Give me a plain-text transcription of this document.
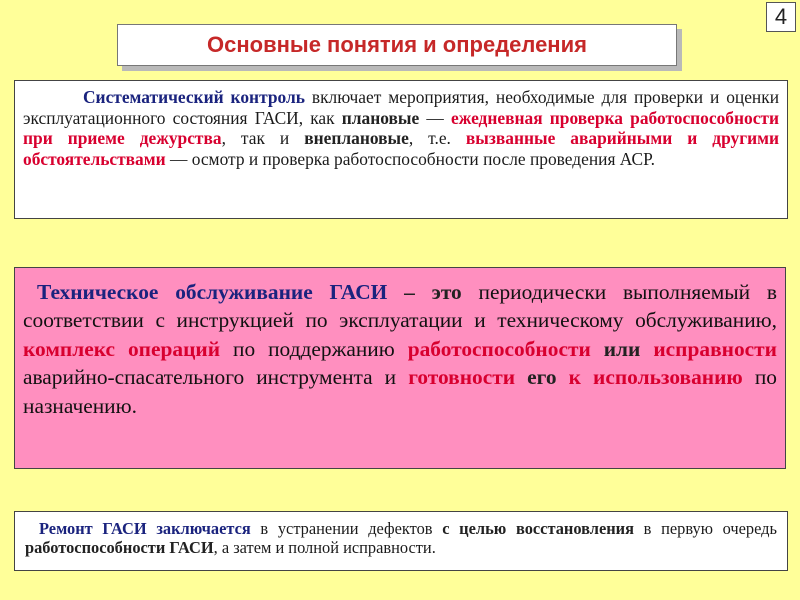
4
Основные понятия и определения

Систематический контроль включает мероприятия, необходимые для проверки и оценки эксплуатационного состояния ГАСИ, как плановые — ежедневная проверка работоспособности при приеме дежурства, так и внеплановые, т.е. вызванные аварийными и другими обстоятельствами — осмотр и проверка работоспособности после проведения АСР.

Техническое обслуживание ГАСИ – это периодически выполняемый в соответствии с инструкцией по эксплуатации и техническому обслуживанию, комплекс операций по поддержанию работоспособности или исправности аварийно-спасательного инструмента и готовности его к использованию по назначению.

Ремонт ГАСИ заключается в устранении дефектов с целью восстановления в первую очередь работоспособности ГАСИ, а затем и полной исправности.
